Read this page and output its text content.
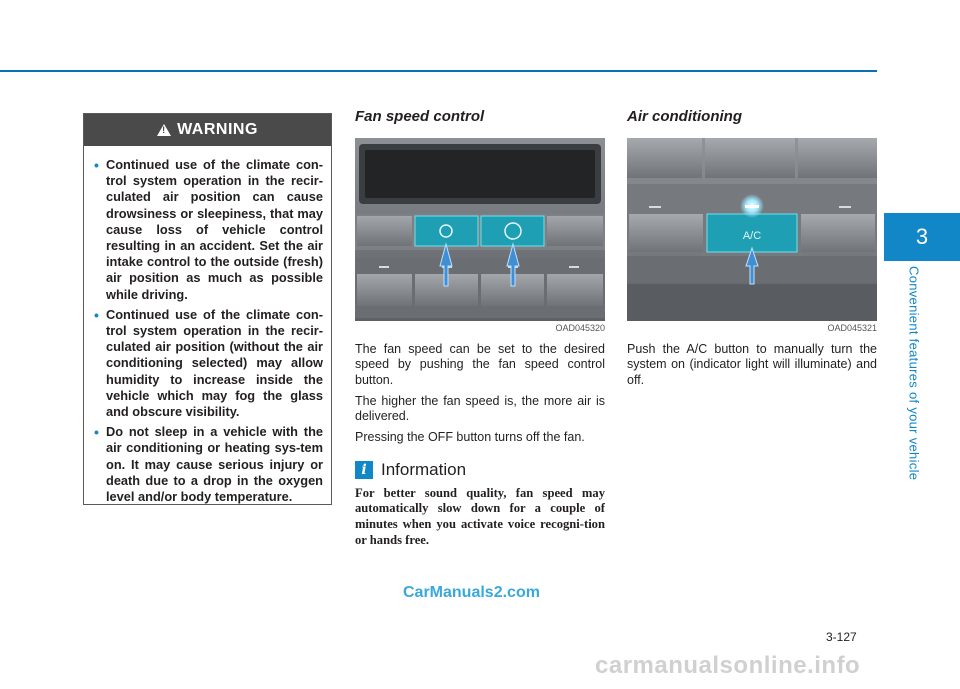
3
Convenient features of your vehicle
!
WARNING
• Continued use of the climate con-trol system operation in the recir-culated air position can cause drowsiness or sleepiness, that may cause loss of vehicle control resulting in an accident. Set the air intake control to the outside (fresh) air position as much as possible while driving.
• Continued use of the climate con-trol system operation in the recir-culated air position (without the air conditioning selected) may allow humidity to increase inside the vehicle which may fog the glass and obscure visibility.
• Do not sleep in a vehicle with the air conditioning or heating sys-tem on. It may cause serious injury or death due to a drop in the oxygen level and/or body temperature.
Fan speed control
OAD045320

The fan speed can be set to the desired speed by pushing the fan speed control button.

The higher the fan speed is, the more air is delivered.

Pressing the OFF button turns off the fan.

i Information

For better sound quality, fan speed may automatically slow down for a couple of minutes when you activate voice recogni-tion or hands free.

Air conditioning
A/C
OAD045321

Push the A/C button to manually turn the system on (indicator light will illuminate) and off.

CarManuals2.com
3-127
carmanualsonline.info
